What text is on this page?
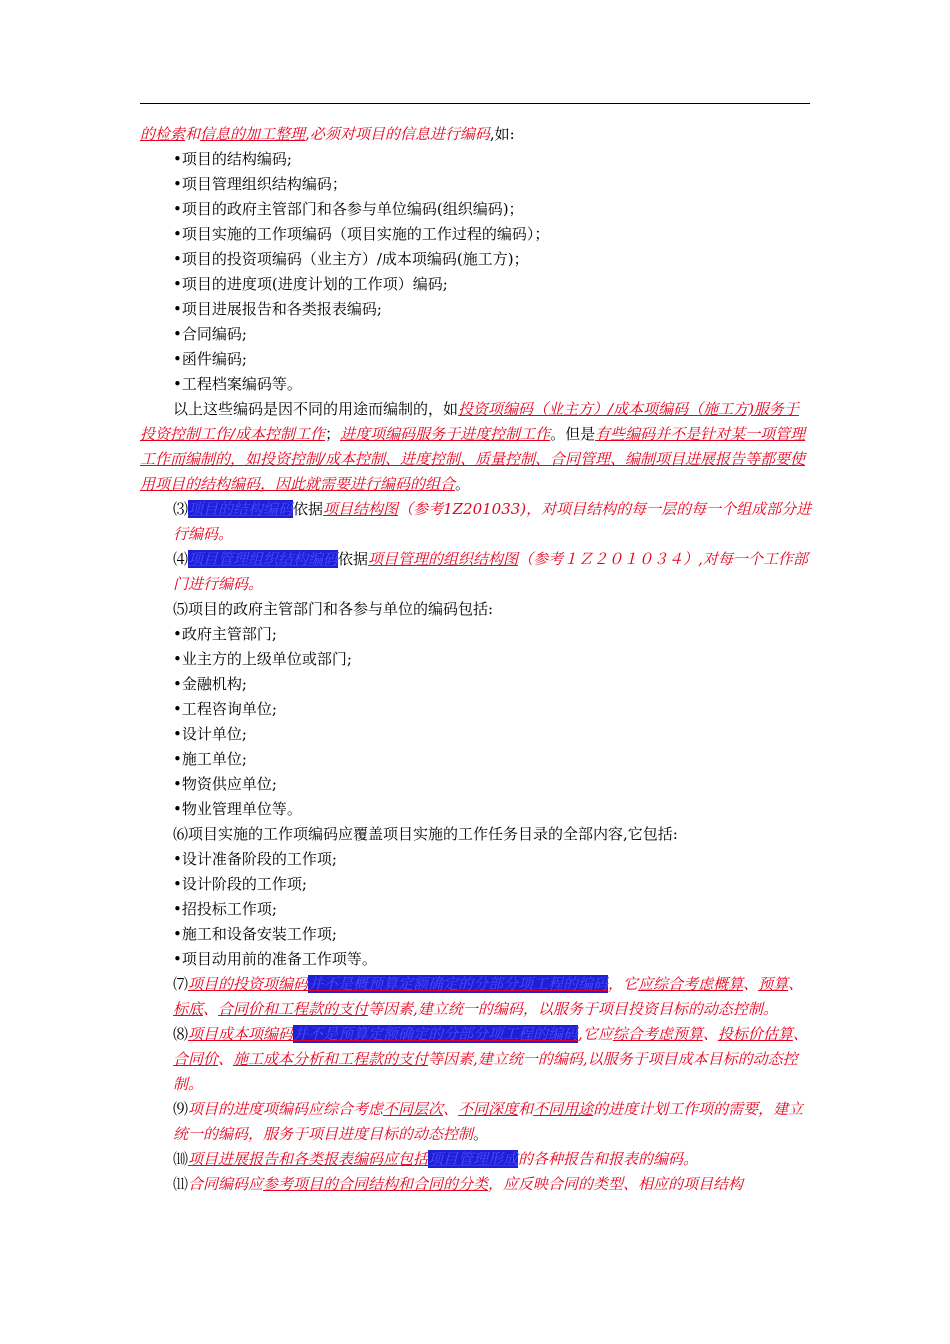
的检索和信息的加工整理,必须对项目的信息进行编码,如:

•项目的结构编码;

•项目管理组织结构编码；

•项目的政府主管部门和各参与单位编码(组织编码)；

•项目实施的工作项编码（项目实施的工作过程的编码）；

•项目的投资项编码（业主方）/成本项编码(施工方)；

•项目的进度项(进度计划的工作项）编码;

•项目进展报告和各类报表编码;

•合同编码;

•函件编码;

•工程档案编码等。

以上这些编码是因不同的用途而编制的，如投资项编码（业主方）/成本项编码（施工方)服务于投资控制工作/成本控制工作；进度项编码服务于进度控制工作。但是有些编码并不是针对某一项管理工作而编制的，如投资控制/成本控制、进度控制、质量控制、合同管理、编制项目进展报告等都要使用项目的结构编码，因此就需要进行编码的组合。

⑶项目的结构编码依据项目结构图（参考1Z201033)，对项目结构的每一层的每一个组成部分进行编码。

⑷项目管理组织结构编码依据项目管理的组织结构图（参考１Ｚ２０１０３４）,对每一个工作部门进行编码。

⑸项目的政府主管部门和各参与单位的编码包括:

•政府主管部门;

•业主方的上级单位或部门;

•金融机构;

•工程咨询单位;

•设计单位;

•施工单位;

•物资供应单位;

•物业管理单位等。

⑹项目实施的工作项编码应覆盖项目实施的工作任务目录的全部内容,它包括:

•设计准备阶段的工作项;

•设计阶段的工作项;

•招投标工作项;

•施工和设备安装工作项;

•项目动用前的准备工作项等。

⑺项目的投资项编码并不是概预算定额确定的分部分项工程的编码，它应综合考虑概算、预算、标底、合同价和工程款的支付等因素,建立统一的编码，以服务于项目投资目标的动态控制。

⑻项目成本项编码并不是预算定额确定的分部分项工程的编码,它应综合考虑预算、投标价估算、合同价、施工成本分析和工程款的支付等因素,建立统一的编码,以服务于项目成本目标的动态控制。

⑼项目的进度项编码应综合考虑不同层次、不同深度和不同用途的进度计划工作项的需要，建立统一的编码，服务于项目进度目标的动态控制。

⑽项目进展报告和各类报表编码应包括项目管理形成的各种报告和报表的编码。

⑾合同编码应参考项目的合同结构和合同的分类，应反映合同的类型、相应的项目结构
